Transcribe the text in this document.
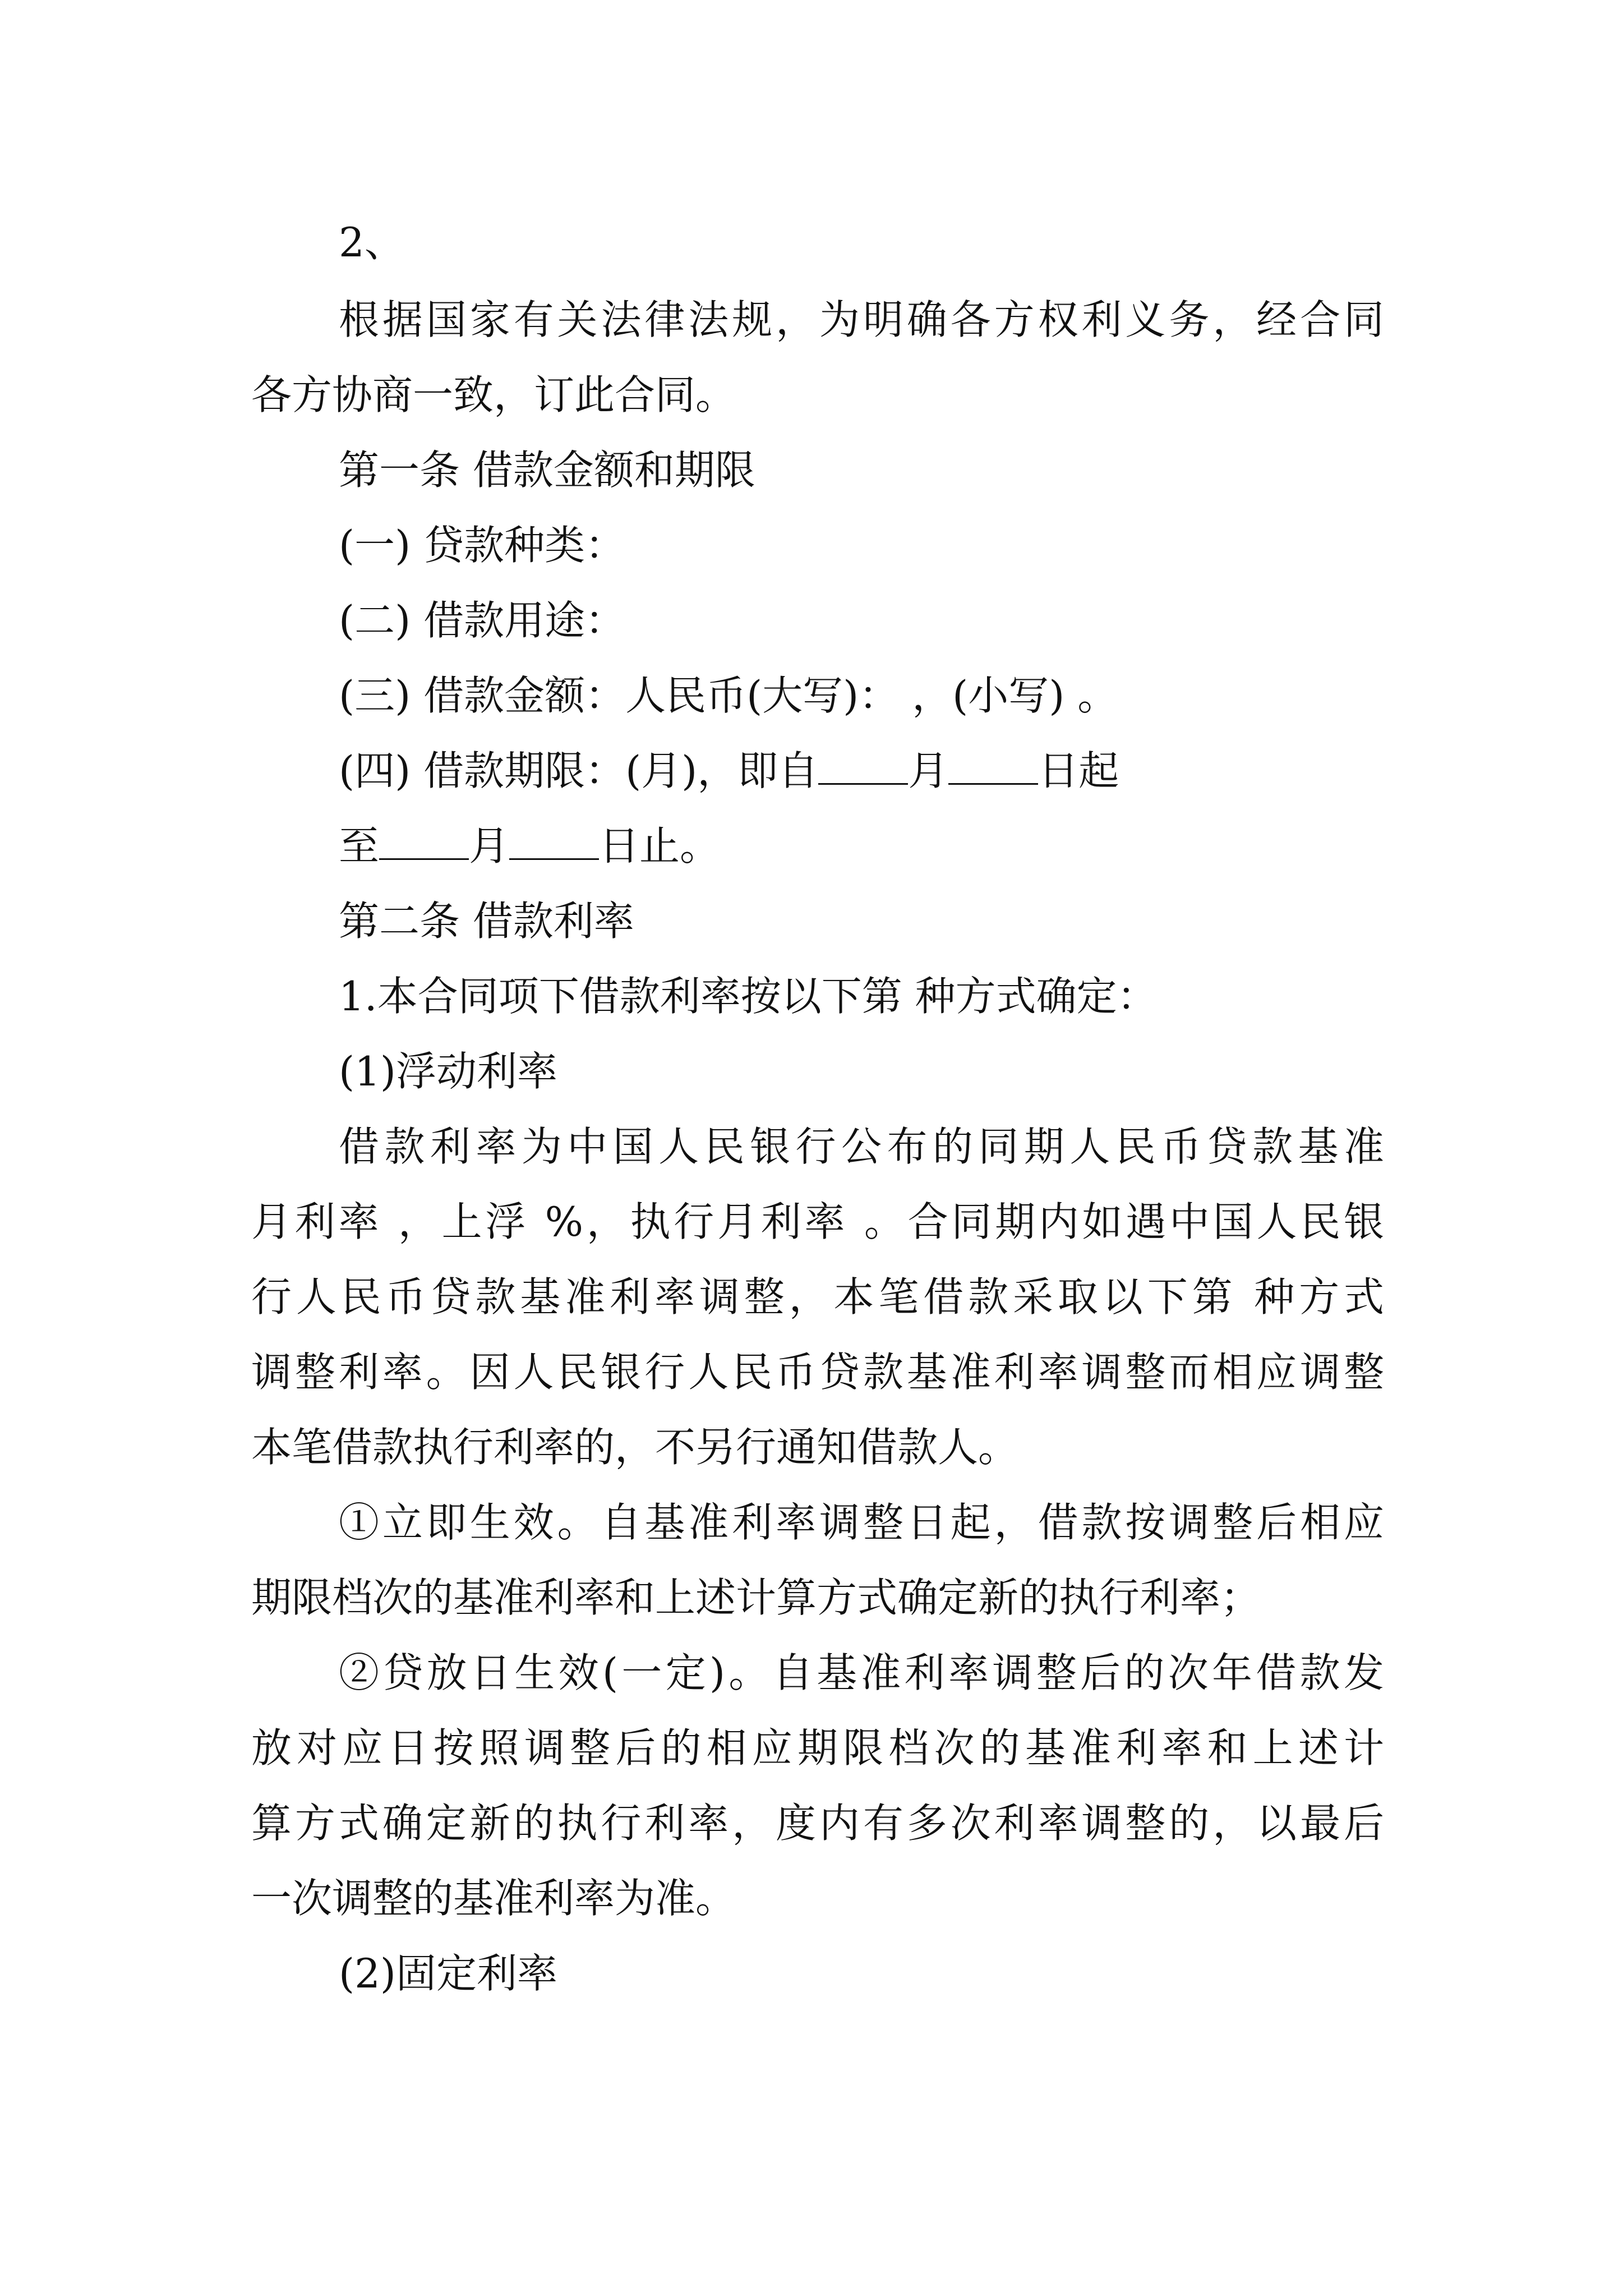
2、
根据国家有关法律法规，为明确各方权利义务，经合同
各方协商一致，订此合同。
第一条 借款金额和期限
(一) 贷款种类：
(二) 借款用途：
(三) 借款金额：人民币(大写)： ，(小写) 。
(四) 借款期限：(月)，即自 月 日起
至 月 日止。
第二条 借款利率
1.本合同项下借款利率按以下第 种方式确定：
(1)浮动利率
借款利率为中国人民银行公布的同期人民币贷款基准
月利率 ，上浮 %，执行月利率 。合同期内如遇中国人民银
行人民币贷款基准利率调整，本笔借款采取以下第 种方式
调整利率。因人民银行人民币贷款基准利率调整而相应调整
本笔借款执行利率的，不另行通知借款人。
①立即生效。自基准利率调整日起，借款按调整后相应
期限档次的基准利率和上述计算方式确定新的执行利率；
②贷放日生效(一定)。自基准利率调整后的次年借款发
放对应日按照调整后的相应期限档次的基准利率和上述计
算方式确定新的执行利率，度内有多次利率调整的，以最后
一次调整的基准利率为准。
(2)固定利率
